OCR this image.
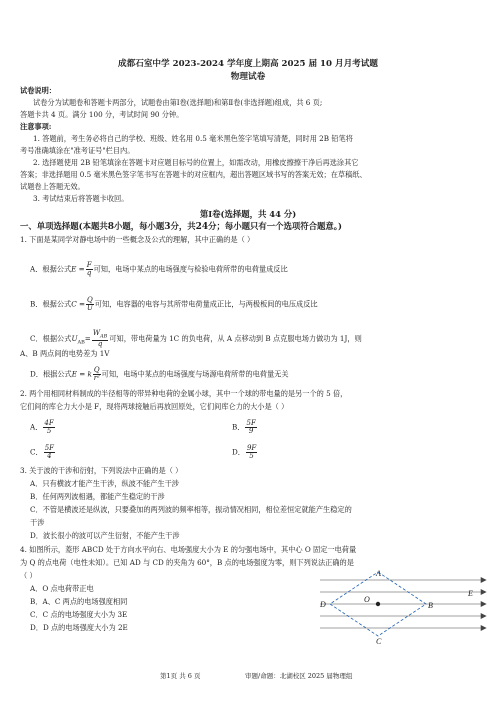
成都石室中学 2023-2024 学年度上期高 2025 届 10 月月考试题
物理试卷
试卷说明：
试卷分为试题卷和答题卡两部分，试题卷由第Ⅰ卷(选择题)和第Ⅱ卷(非选择题)组成，共 6 页;
答题卡共 4 页。满分 100 分，考试时间 90 分钟。
注意事项:
1. 答题前，考生务必将自己的学校、班级、姓名用 0.5 毫米黑色签字笔填写清楚，同时用 2B 铅笔将
考号准确填涂在"准考证号"栏目内。
2. 选择题使用 2B 铅笔填涂在答题卡对应题目标号的位置上，如需改动，用橡皮擦擦干净后再选涂其它
答案；非选择题用 0.5 毫米黑色签字笔书写在答题卡的对应框内，超出答题区域书写的答案无效；在草稿纸、
试题卷上答题无效。
3. 考试结束后将答题卡收回。
第Ⅰ卷(选择题，共 44 分)
一、单项选择题(本题共8小题，每小题3分，共24分；每小题只有一个选项符合题意。)
1. 下面是某同学对静电场中的一些概念及公式的理解，其中正确的是（ ）
A．根据公式$E = \frac{F}{q}$ 可知，电场中某点的电场强度与检验电荷所带的电荷量成反比
B．根据公式$C = \frac{Q}{U}$ 可知，电容器的电容与其所带电荷量成正比，与两极板间的电压成反比
C．根据公式$U_{AB}= \frac{W_{AB}}{q}$ 可知，带电荷量为 1C 的负电荷，从 A 点移动到 B 点克服电场力做功为 1J，则
A、B 两点间的电势差为 1V
D．根据公式E = k $\frac{Q}{\text{r²}}$ 可知，电场中某点的电场强度与场源电荷所带的电荷量无关
2. 两个用相同材料制成的半径相等的带异种电荷的金属小球，其中一个球的带电量的是另一个的 5 倍，
它们间的库仑力大小是 F，现将两球接触后再放回原处，它们间库仑力的大小是（ ）
A． $\frac{4F}{5}$	B． $\frac{5F}{9}$
C． $\frac{5F}{4}$	D． $\frac{9F}{5}$
3. 关于波的干涉和衍射，下列说法中正确的是（ ）
A．只有横波才能产生干涉，纵波不能产生干涉
B．任何两列波相遇，都能产生稳定的干涉
C．不管是横波还是纵波，只要叠加的两列波的频率相等，振动情况相同，相位差恒定就能产生稳定的
干涉
D．波长很小的波可以产生衍射，不能产生干涉
4. 如图所示，菱形 ABCD 处于方向水平向右、电场强度大小为 E 的匀强电场中，其中心 O 固定一电荷量
为 Q 的点电荷（电性未知）。已知 AD 与 CD 的夹角为 60°，B 点的电场强度为零，则下列说法正确的是
（ ）
A．O 点电荷带正电
B．A、C 两点的电场强度相同
C．C 点的电场强度大小为 3E
D．D 点的电场强度大小为 2E
A
B
C
D
O
E
第1页 共 6 页	审题/命题：北湖校区 2025 届物理组
